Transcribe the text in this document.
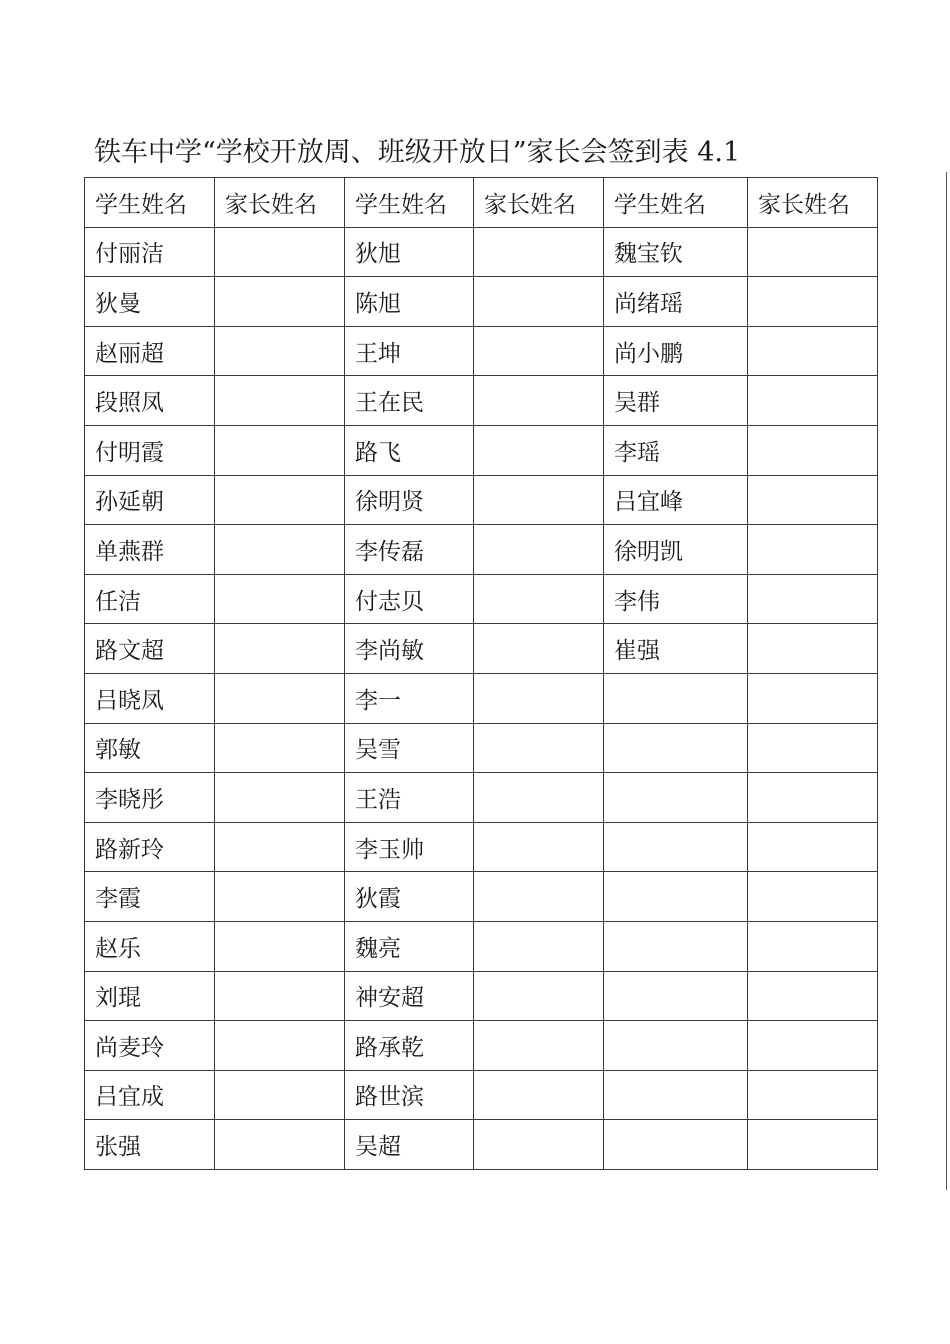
铁车中学“学校开放周、班级开放日”家长会签到表 4.1
学生姓名	家长姓名	学生姓名	家长姓名	学生姓名	家长姓名
付丽洁		狄旭		魏宝钦	
狄曼		陈旭		尚绪瑶	
赵丽超		王坤		尚小鹏	
段照凤		王在民		吴群	
付明霞		路飞		李瑶	
孙延朝		徐明贤		吕宜峰	
单燕群		李传磊		徐明凯	
任洁		付志贝		李伟	
路文超		李尚敏		崔强	
吕晓凤		李一			
郭敏		吴雪			
李晓彤		王浩			
路新玲		李玉帅			
李霞		狄霞			
赵乐		魏亮			
刘琨		神安超			
尚麦玲		路承乾			
吕宜成		路世滨			
张强		吴超			
